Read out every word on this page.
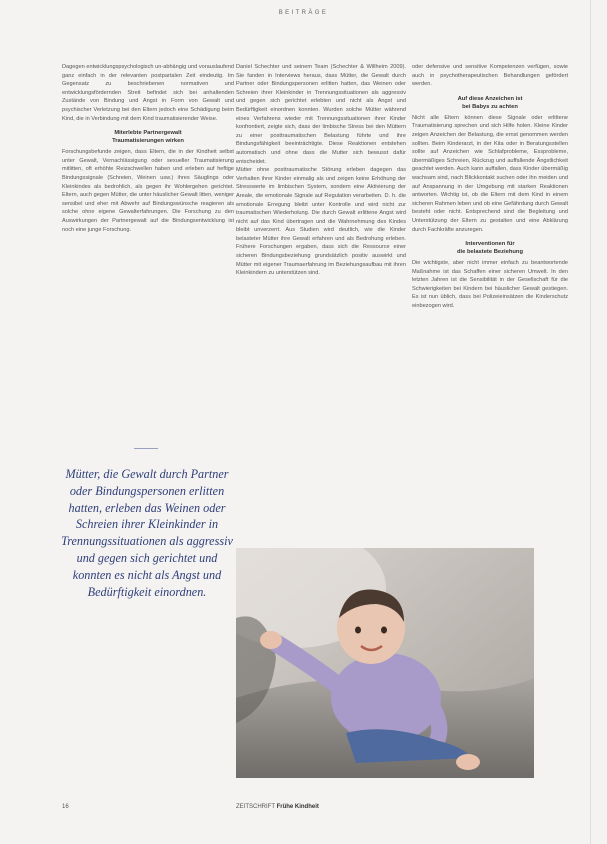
BEITRÄGE

Dagegen entwicklungspsychologisch un-abhängig und vorauslaufend ganz einfach in der relevanten postpartalen Zeit eindeutig. Im Gegensatz zu beschriebenen normativen und entwicklungsfördernden Streit befindet sich bei anhaltenden Zustände von Bindung und Angst in Form von Gewalt und psychischer Verletzung bei den Eltern jedoch eine Schädigung beim Kind, die in Verbindung mit dem Kind traumatisierender Weise.

Miterlebte Partnergewalt
Traumatisierungen wirken

Forschungsbefunde zeigen, dass Eltern, die in der Kindheit selbst unter Gewalt, Vernachlässigung oder sexueller Traumatisierung mitlitten, oft erhöhte Reizschwellen haben und erleben auf heftige Bindungssignale (Schreien, Weinen usw.) ihres Säuglings oder Kleinkindes als bedrohlich, als gegen ihr Wohlergehen gerichtet. Eltern, auch gegen Mütter, die unter häuslicher Gewalt litten, weniger sensibel und eher mit Abwehr auf Bindungswünsche reagieren als solche ohne eigene Gewalterfahrungen. Die Forschung zu den Auswirkungen der Partnergewalt auf die Bindungsentwicklung ist noch eine junge Forschung.

Mütter, die Gewalt durch Partner oder Bindungspersonen erlitten hatten, erleben das Weinen oder Schreien ihrer Kleinkinder in Trennungssituationen als aggressiv und gegen sich gerichtet und konnten es nicht als Angst und Bedürftigkeit einordnen.

Daniel Schechter und seinem Team (Schechter & Willheim 2009). Sie fanden in Interviews heraus, dass Mütter, die Gewalt durch Partner oder Bindungspersonen erlitten hatten, das Weinen oder Schreien ihrer Kleinkinder in Trennungssituationen als aggressiv und gegen sich gerichtet erlebten und nicht als Angst und Bedürftigkeit einordnen konnten. Wurden solche Mütter während eines Verfahrens wieder mit Trennungssituationen ihrer Kinder konfrontiert, zeigte sich, dass der limbische Stress bei den Müttern zu einer posttraumatischen Belastung führte und ihre Bindungsfähigkeit beeinträchtigte. Diese Reaktionen entstehen automatisch und ohne dass die Mutter sich bewusst dafür entscheidet.

Mütter ohne posttraumatische Störung erleben dagegen das Verhalten ihrer Kinder einmalig als und zeigen keine Erhöhung der Stresswerte im limbischen System, sondern eine Aktivierung der Areale, die emotionale Signale auf Regulation verarbeiten. D. h. die emotionale Erregung bleibt unter Kontrolle und wird nicht zur traumatischen Wiederholung. Die durch Gewalt erlittene Angst wird nicht auf das Kind übertragen und die Wahrnehmung des Kindes bleibt unverzerrt. Aus Studien wird deutlich, wie die Kinder belasteter Mütter ihre Gewalt erfahren und als Bedrohung erleben. Frühere Forschungen ergaben, dass sich die Ressource einer sicheren Bindungsbeziehung grundsätzlich positiv auswirkt und Mütter mit eigener Traumaerfahrung im Beziehungsaufbau mit ihren Kleinkindern zu unterstützen sind.

oder defensive und sensitive Kompetenzen verfügen, sowie auch in psychotherapeutischen Behandlungen gefördert werden.

Auf diese Anzeichen ist
bei Babys zu achten

Nicht alle Eltern können diese Signale oder erlittene Traumatisierung sprechen und sich Hilfe holen. Kleine Kinder zeigen Anzeichen der Belastung, die ernst genommen werden sollten. Beim Kinderarzt, in der Kita oder in Beratungsstellen sollte auf Anzeichen wie Schlafprobleme, Essprobleme, übermäßiges Schreien, Rückzug und auffallende Ängstlichkeit geachtet werden. Auch kann auffallen, dass Kinder übermäßig wachsam sind, nach Blickkontakt suchen oder ihn meiden und auf Anspannung in der Umgebung mit starken Reaktionen antworten. Wichtig ist, ob die Eltern mit dem Kind in einem sicheren Rahmen leben und ob eine Gefährdung durch Gewalt besteht oder nicht. Entsprechend sind die Begleitung und Unterstützung der Eltern zu gestalten und eine Abklärung durch Fachkräfte anzuregen.

Interventionen für
die belastete Beziehung

Die wichtigste, aber nicht immer einfach zu beantwortende Maßnahme ist das Schaffen einer sicheren Umwelt. In den letzten Jahren ist die Sensibilität in der Gesellschaft für die Schwierigkeiten bei Kindern bei häuslicher Gewalt gestiegen. Es ist nun üblich, dass bei Polizeieinsätzen die Kinderschutz einbezogen wird.

16	ZEITSCHRIFT Frühe Kindheit
